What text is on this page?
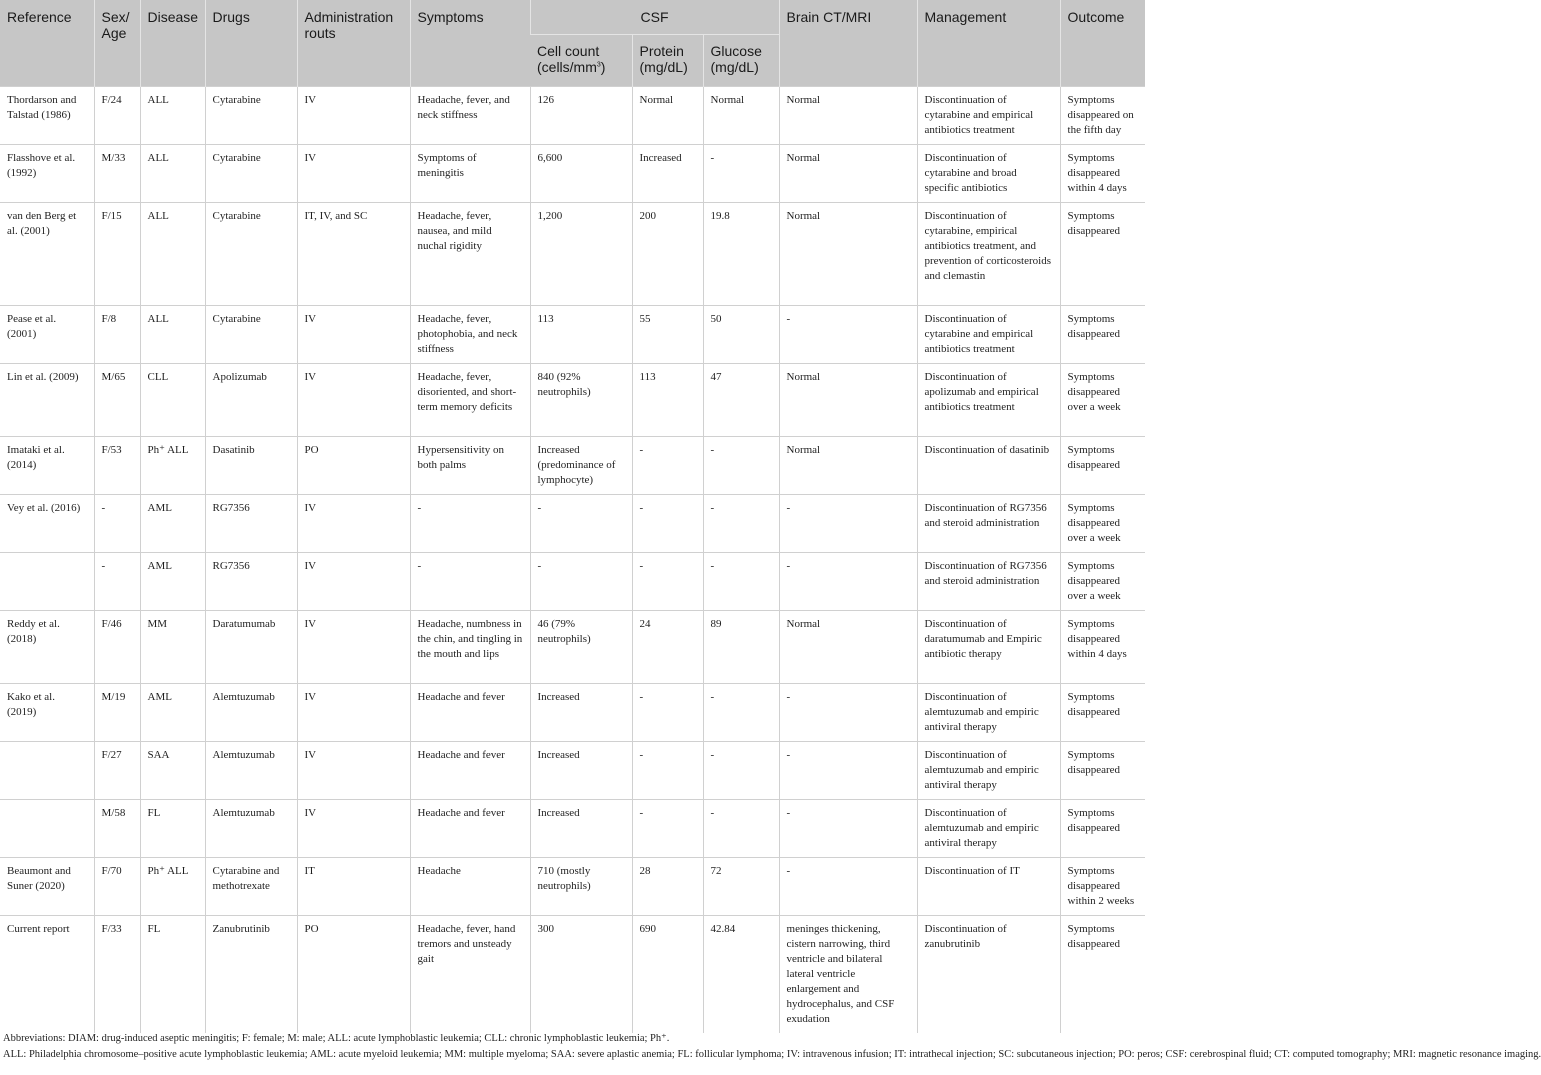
Reference	Sex/ Age	Disease	Drugs	Administration routs	Symptoms	CSF			Brain CT/MRI	Management	Outcome
						Cell count $(cells/mm^3)$	Protein (mg/dL)	Glucose (mg/dL)			
Thordarson and Talstad (1986)	F/24	ALL	Cytarabine	IV	Headache, fever, and neck stiffness	126	Normal	Normal	Normal	Discontinuation of cytarabine and empirical antibiotics treatment	Symptoms disappeared on the fifth day
Flasshove et al. (1992)	M/33	ALL	Cytarabine	IV	Symptoms of meningitis	6,600	Increased	-	Normal	Discontinuation of cytarabine and broad specific antibiotics	Symptoms disappeared within 4 days
van den Berg et al. (2001)	F/15	ALL	Cytarabine	IT, IV, and SC	Headache, fever, nausea, and mild nuchal rigidity	1,200	200	19.8	Normal	Discontinuation of cytarabine, empirical antibiotics treatment, and prevention of corticosteroids and clemastin	Symptoms disappeared
Pease et al. (2001)	F/8	ALL	Cytarabine	IV	Headache, fever, photophobia, and neck stiffness	113	55	50	-	Discontinuation of cytarabine and empirical antibiotics treatment	Symptoms disappeared
Lin et al. (2009)	M/65	CLL	Apolizumab	IV	Headache, fever, disoriented, and short-term memory deficits	840 (92% neutrophils)	113	47	Normal	Discontinuation of apolizumab and empirical antibiotics treatment	Symptoms disappeared over a week
Imataki et al. (2014)	F/53	Ph⁺ ALL	Dasatinib	PO	Hypersensitivity on both palms	Increased (predominance of lymphocyte)	-	-	Normal	Discontinuation of dasatinib	Symptoms disappeared
Vey et al. (2016)	-	AML	RG7356	IV	-	-	-	-	-	Discontinuation of RG7356 and steroid administration	Symptoms disappeared over a week
	-	AML	RG7356	IV	-	-	-	-	-	Discontinuation of RG7356 and steroid administration	Symptoms disappeared over a week
Reddy et al. (2018)	F/46	MM	Daratumumab	IV	Headache, numbness in the chin, and tingling in the mouth and lips	46 (79% neutrophils)	24	89	Normal	Discontinuation of daratumumab and Empiric antibiotic therapy	Symptoms disappeared within 4 days
Kako et al. (2019)	M/19	AML	Alemtuzumab	IV	Headache and fever	Increased	-	-	-	Discontinuation of alemtuzumab and empiric antiviral therapy	Symptoms disappeared
	F/27	SAA	Alemtuzumab	IV	Headache and fever	Increased	-	-	-	Discontinuation of alemtuzumab and empiric antiviral therapy	Symptoms disappeared
	M/58	FL	Alemtuzumab	IV	Headache and fever	Increased	-	-	-	Discontinuation of alemtuzumab and empiric antiviral therapy	Symptoms disappeared
Beaumont and Suner (2020)	F/70	Ph⁺ ALL	Cytarabine and methotrexate	IT	Headache	710 (mostly neutrophils)	28	72	-	Discontinuation of IT	Symptoms disappeared within 2 weeks
Current report	F/33	FL	Zanubrutinib	PO	Headache, fever, hand tremors and unsteady gait	300	690	42.84	meninges thickening, cistern narrowing, third ventricle and bilateral lateral ventricle enlargement and hydrocephalus, and CSF exudation	Discontinuation of zanubrutinib	Symptoms disappeared
Abbreviations: DIAM: drug-induced aseptic meningitis; F: female; M: male; ALL: acute lymphoblastic leukemia; CLL: chronic lymphoblastic leukemia; Ph⁺.
ALL: Philadelphia chromosome–positive acute lymphoblastic leukemia; AML: acute myeloid leukemia; MM: multiple myeloma; SAA: severe aplastic anemia; FL: follicular lymphoma; IV: intravenous infusion; IT: intrathecal injection; SC: subcutaneous injection; PO: peros; CSF: cerebrospinal fluid; CT: computed tomography; MRI: magnetic resonance imaging.
